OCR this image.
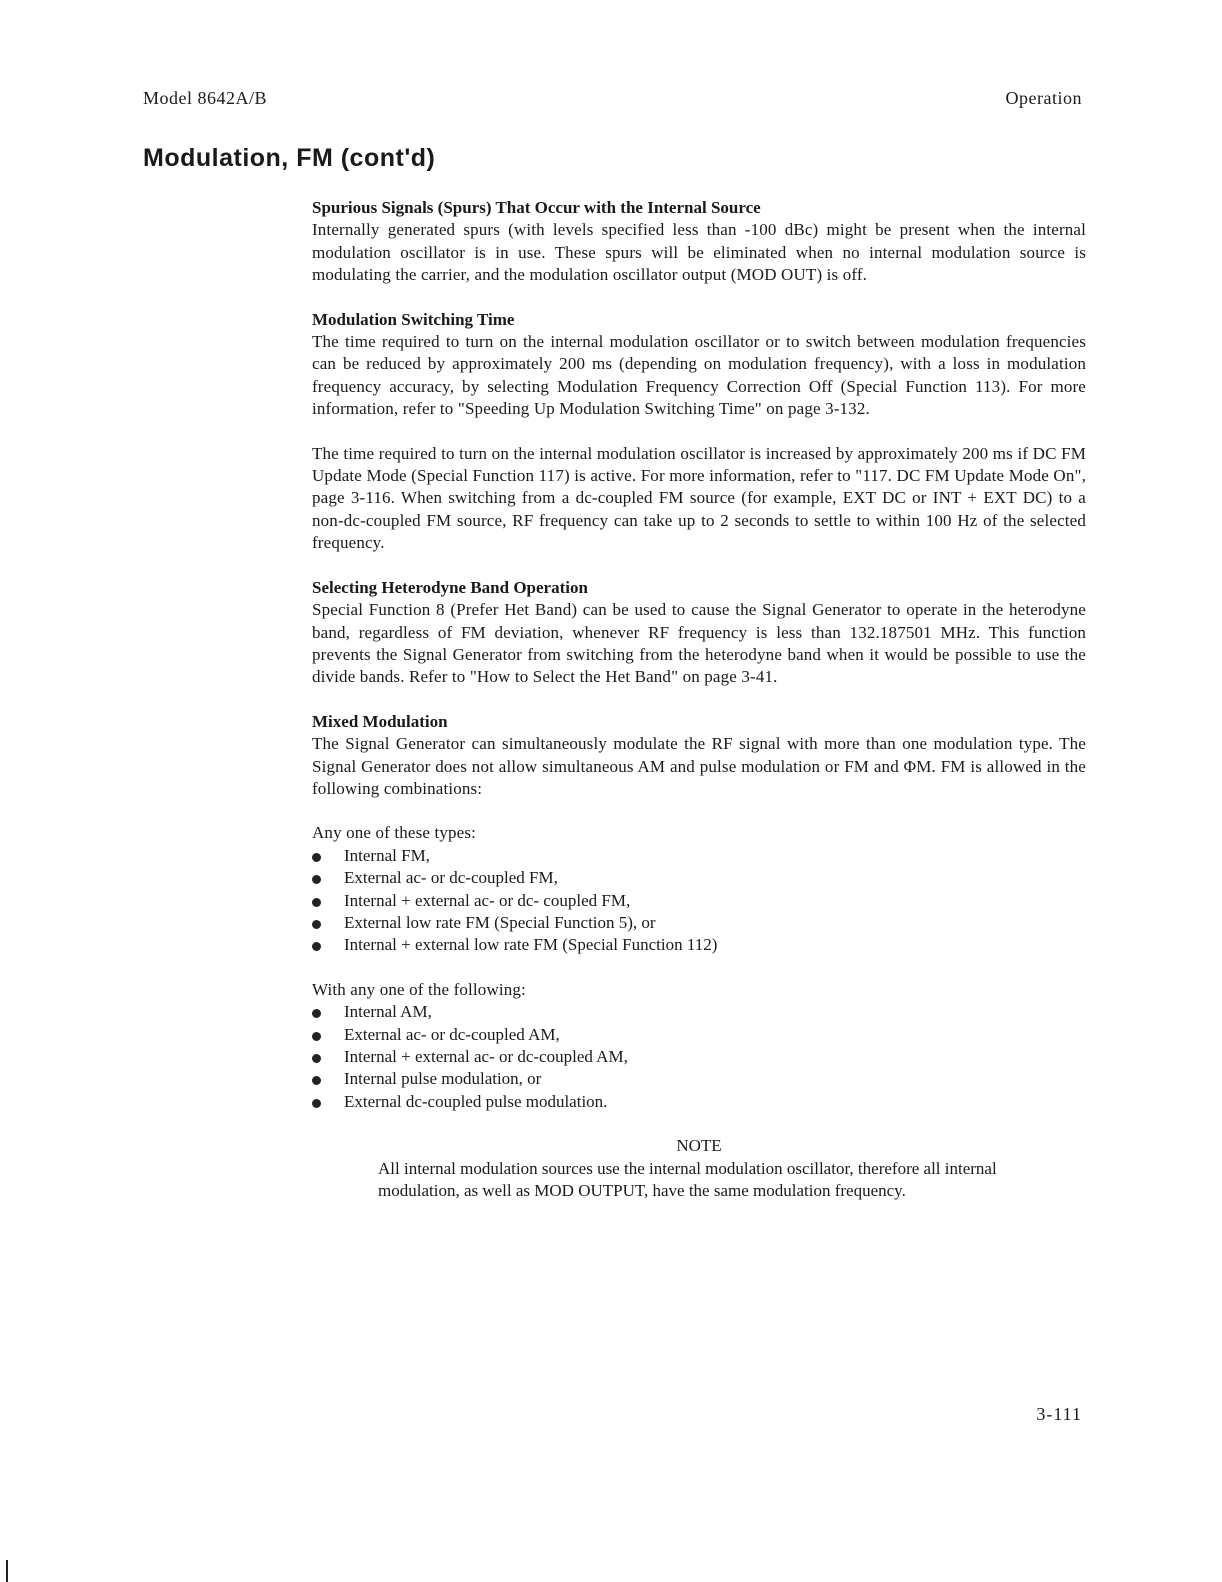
Model 8642A/B	Operation
Modulation, FM (cont'd)

Spurious Signals (Spurs) That Occur with the Internal Source

Internally generated spurs (with levels specified less than -100 dBc) might be present when the internal modulation oscillator is in use. These spurs will be eliminated when no internal modulation source is modulating the carrier, and the modulation oscillator output (MOD OUT) is off.

Modulation Switching Time

The time required to turn on the internal modulation oscillator or to switch between modulation frequencies can be reduced by approximately 200 ms (depending on modulation frequency), with a loss in modulation frequency accuracy, by selecting Modulation Frequency Correction Off (Special Function 113). For more information, refer to "Speeding Up Modulation Switching Time" on page 3-132.

The time required to turn on the internal modulation oscillator is increased by approximately 200 ms if DC FM Update Mode (Special Function 117) is active. For more information, refer to "117. DC FM Update Mode On", page 3-116. When switching from a dc-coupled FM source (for example, EXT DC or INT + EXT DC) to a non-dc-coupled FM source, RF frequency can take up to 2 seconds to settle to within 100 Hz of the selected frequency.

Selecting Heterodyne Band Operation

Special Function 8 (Prefer Het Band) can be used to cause the Signal Generator to operate in the heterodyne band, regardless of FM deviation, whenever RF frequency is less than 132.187501 MHz. This function prevents the Signal Generator from switching from the heterodyne band when it would be possible to use the divide bands. Refer to "How to Select the Het Band" on page 3-41.

Mixed Modulation

The Signal Generator can simultaneously modulate the RF signal with more than one modulation type. The Signal Generator does not allow simultaneous AM and pulse modulation or FM and ΦM. FM is allowed in the following combinations:

Any one of these types:

Internal FM,
External ac- or dc-coupled FM,
Internal + external ac- or dc- coupled FM,
External low rate FM (Special Function 5), or
Internal + external low rate FM (Special Function 112)

With any one of the following:

Internal AM,
External ac- or dc-coupled AM,
Internal + external ac- or dc-coupled AM,
Internal pulse modulation, or
External dc-coupled pulse modulation.

NOTE

All internal modulation sources use the internal modulation oscillator, therefore all internal modulation, as well as MOD OUTPUT, have the same modulation frequency.

3-111
